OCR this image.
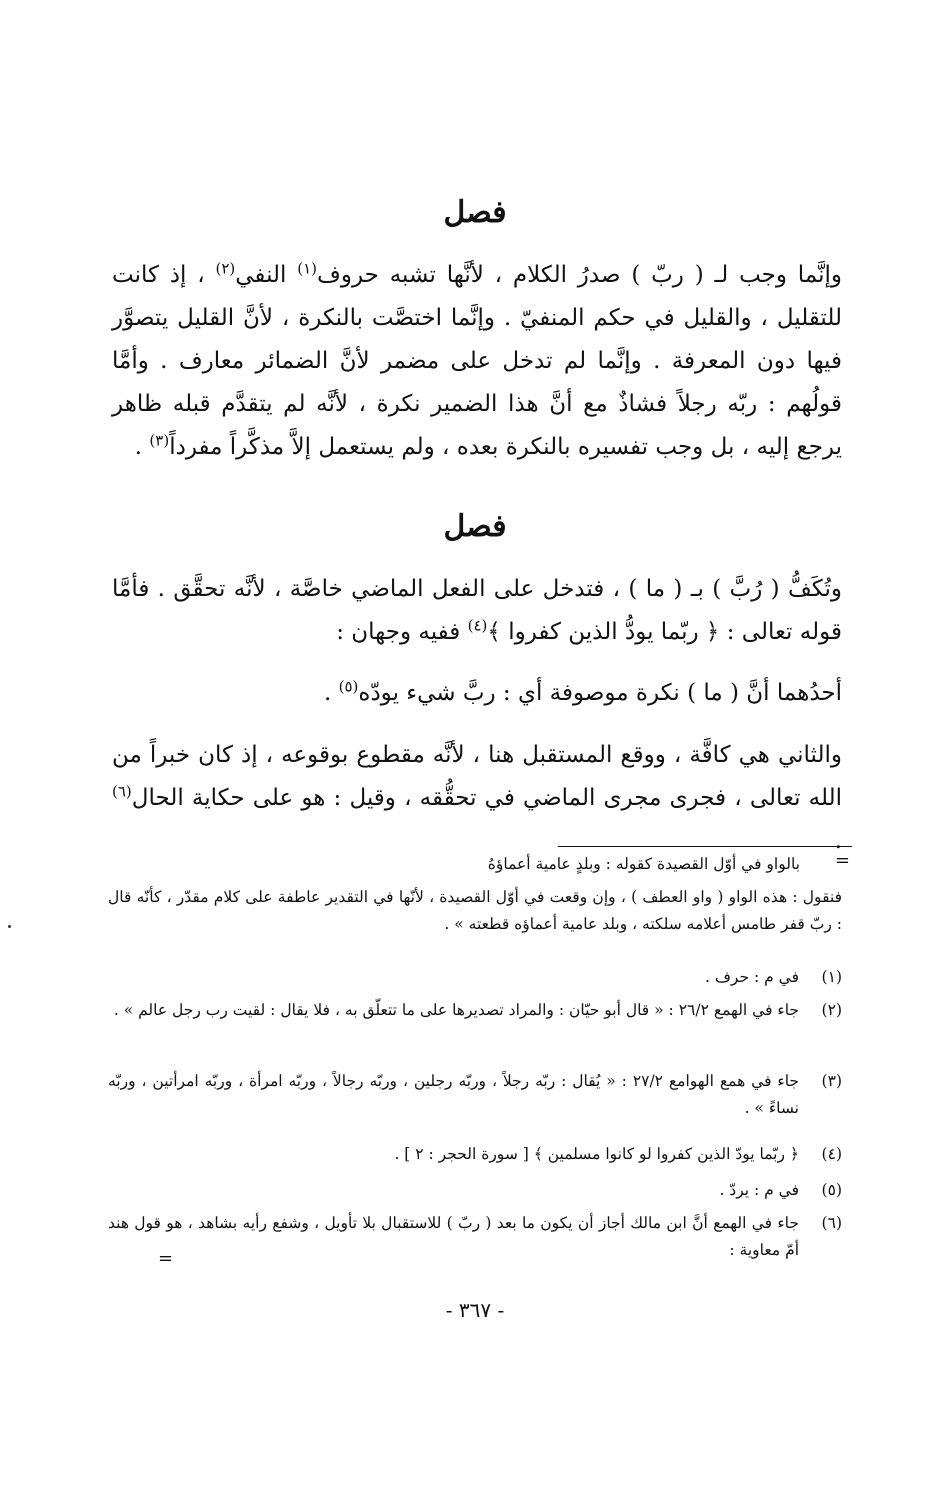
فصل
وإنَّما وجب لـ ( ربّ ) صدرُ الكلام ، لأنَّها تشبه حروف$^{(١)}$ النفي$^{(٢)}$ ، إذ كانت للتقليل ، والقليل في حكم المنفيّ . وإنَّما اختصَّت بالنكرة ، لأنَّ القليل يتصوَّر فيها دون المعرفة . وإنَّما لم تدخل على مضمر لأنَّ الضمائر معارف . وأمَّا قولُهم : ربّه رجلاً فشاذٌ مع أنَّ هذا الضمير نكرة ، لأنَّه لم يتقدَّم قبله ظاهر يرجع إليه ، بل وجب تفسيره بالنكرة بعده ، ولم يستعمل إلاَّ مذكَّراً مفرداً$^{(٣)}$ .
فصل
وتُكَفُّ ( رُبَّ ) بـ ( ما ) ، فتدخل على الفعل الماضي خاصَّة ، لأنَّه تحقَّق . فأمَّا قوله تعالى : ﴿ ربّما يودُّ الذين كفروا ﴾$^{(٤)}$ ففيه وجهان :
أحدُهما أنَّ ( ما ) نكرة موصوفة أي : ربَّ شيء يودّه$^{(٥)}$ .
والثاني هي كافَّة ، ووقع المستقبل هنا ، لأنَّه مقطوع بوقوعه ، إذ كان خبراً من الله تعالى ، فجرى مجرى الماضي في تحقُّقه ، وقيل : هو على حكاية الحال$^{(٦)}$ .
=
بالواو في أوّل القصيدة كقوله : وبلدٍ عامية أعماؤهُ
فنقول : هذه الواو ( واو العطف ) ، وإن وقعت في أوّل القصيدة ، لأنّها في التقدير عاطفة على كلام مقدّر ، كأنّه قال : ربّ قفر طامس أعلامه سلكته ، وبلد عامية أعماؤه قطعته » .
(١)
في م : حرف .
(٢)
جاء في الهمع ٢٦/٢ : « قال أبو حيّان : والمراد تصديرها على ما تتعلّق به ، فلا يقال : لقيت رب رجل عالم » .
(٣)
جاء في همع الهوامع ٢٧/٢ : « يُقال : ربّه رجلاً ، وربّه رجلين ، وربّه رجالاً ، وربّه امرأة ، وربّه امرأتين ، وربّه نساءً » .
(٤)
﴿ ربّما يودّ الذين كفروا لو كانوا مسلمين ﴾ [ سورة الحجر : ٢ ] .
(٥)
في م : يردّ .
(٦)
جاء في الهمع أنَّ ابن مالك أجاز أن يكون ما بعد ( ربّ ) للاستقبال بلا تأويل ، وشفع رأيه بشاهد ، هو قول هند أمّ معاوية :
=
- ٣٦٧ -
